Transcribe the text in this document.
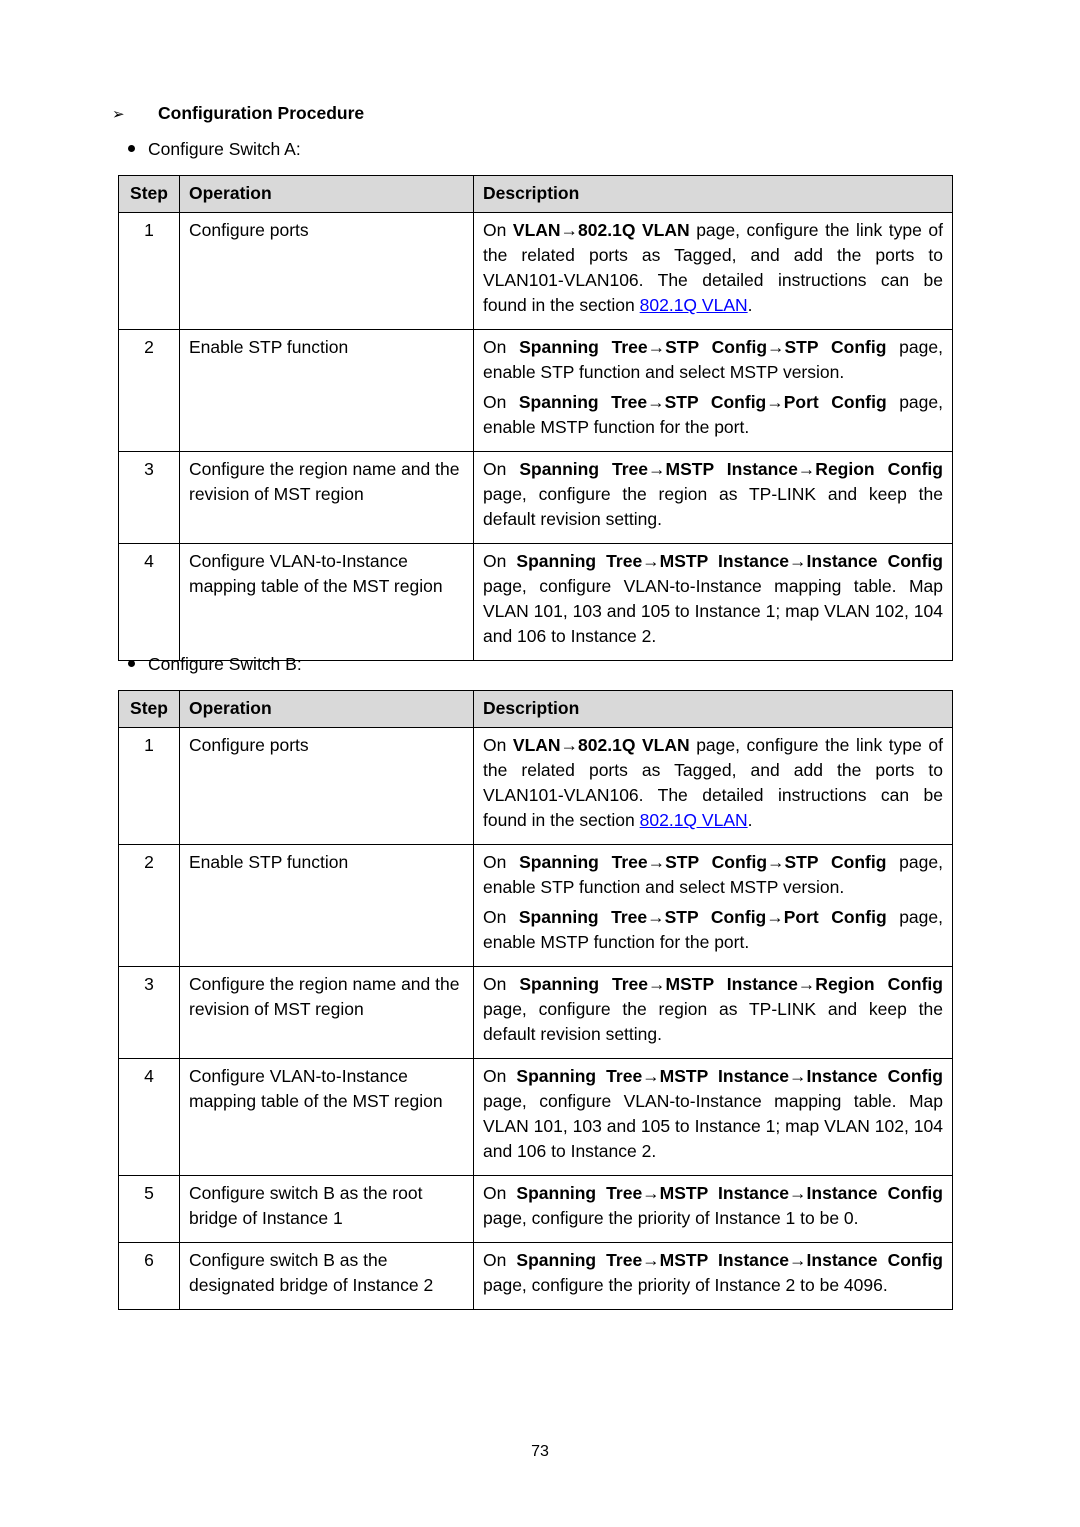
➢ Configuration Procedure
Configure Switch A:
Step	Operation	Description
1	Configure ports	On VLAN→802.1Q VLAN page, configure the link type of the related ports as Tagged, and add the ports to VLAN101-VLAN106. The detailed instructions can be found in the section 802.1Q VLAN.

2	Enable STP function	On Spanning Tree→STP Config→STP Config page, enable STP function and select MSTP version.

On Spanning Tree→STP Config→Port Config page, enable MSTP function for the port.

3	Configure the region name and the revision of MST region	On Spanning Tree→MSTP Instance→Region Config page, configure the region as TP-LINK and keep the default revision setting.

4	Configure VLAN-to-Instance mapping table of the MST region	On Spanning Tree→MSTP Instance→Instance Config page, configure VLAN-to-Instance mapping table. Map VLAN 101, 103 and 105 to Instance 1; map VLAN 102, 104 and 106 to Instance 2.

Configure Switch B:
Step	Operation	Description
1	Configure ports	On VLAN→802.1Q VLAN page, configure the link type of the related ports as Tagged, and add the ports to VLAN101-VLAN106. The detailed instructions can be found in the section 802.1Q VLAN.

2	Enable STP function	On Spanning Tree→STP Config→STP Config page, enable STP function and select MSTP version.

On Spanning Tree→STP Config→Port Config page, enable MSTP function for the port.

3	Configure the region name and the revision of MST region	On Spanning Tree→MSTP Instance→Region Config page, configure the region as TP-LINK and keep the default revision setting.

4	Configure VLAN-to-Instance mapping table of the MST region	On Spanning Tree→MSTP Instance→Instance Config page, configure VLAN-to-Instance mapping table. Map VLAN 101, 103 and 105 to Instance 1; map VLAN 102, 104 and 106 to Instance 2.

5	Configure switch B as the root bridge of Instance 1	On Spanning Tree→MSTP Instance→Instance Config page, configure the priority of Instance 1 to be 0.

6	Configure switch B as the designated bridge of Instance 2	On Spanning Tree→MSTP Instance→Instance Config page, configure the priority of Instance 2 to be 4096.

73
